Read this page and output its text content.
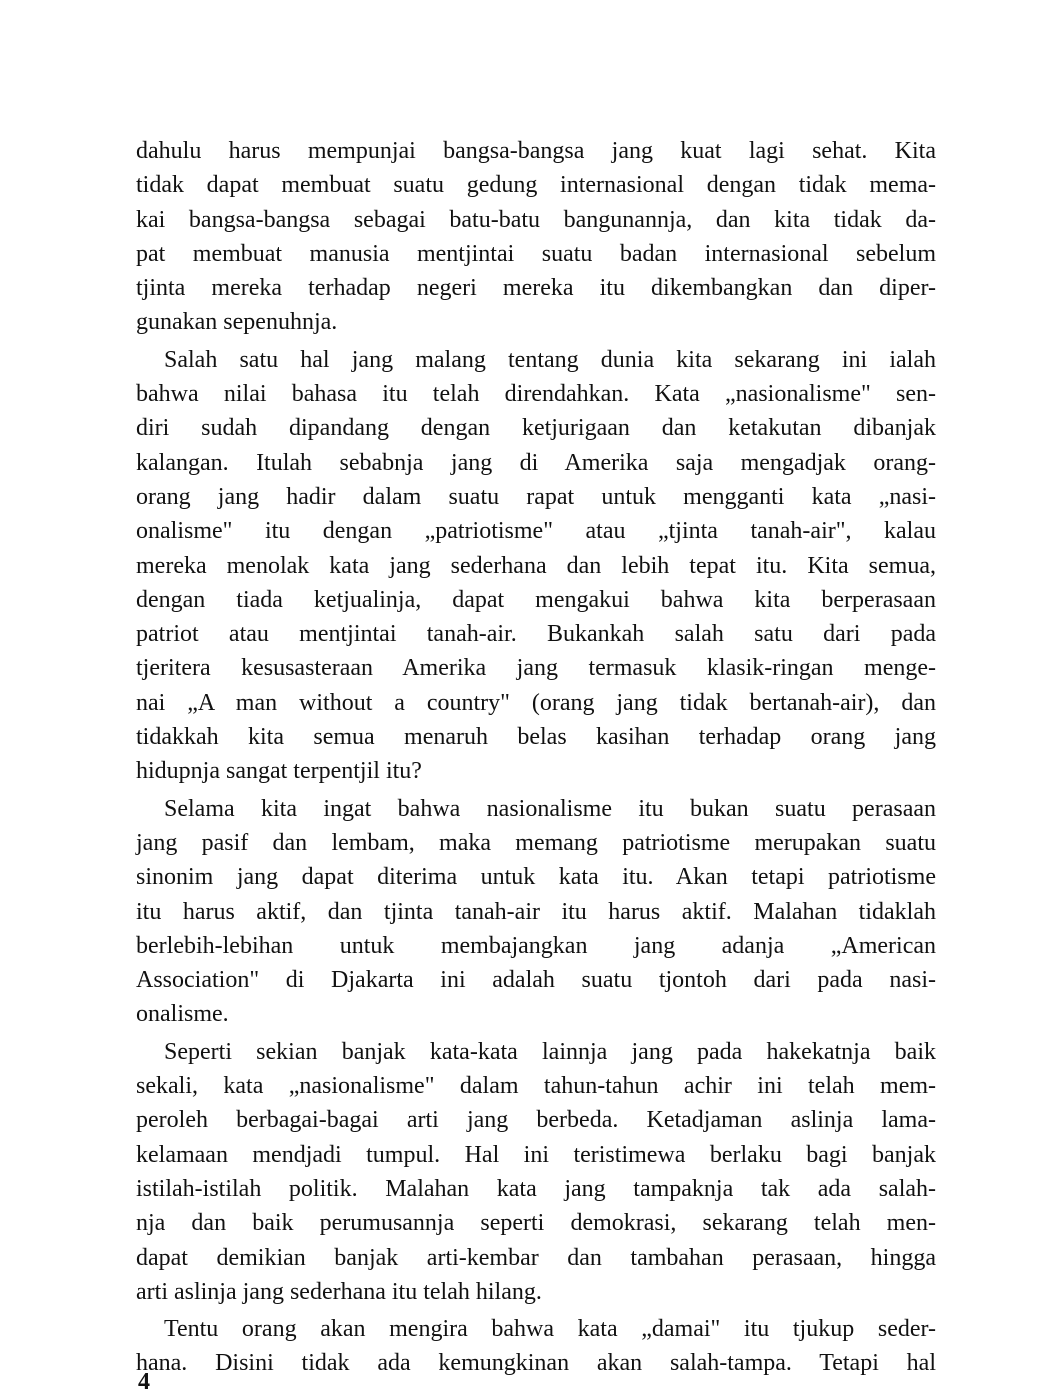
dahulu harus mempunjai bangsa-bangsa jang kuat lagi sehat. Kita
tidak dapat membuat suatu gedung internasional dengan tidak mema-
kai bangsa-bangsa sebagai batu-batu bangunannja, dan kita tidak da-
pat membuat manusia mentjintai suatu badan internasional sebelum
tjinta mereka terhadap negeri mereka itu dikembangkan dan diper-
gunakan sepenuhnja.
Salah satu hal jang malang tentang dunia kita sekarang ini ialah
bahwa nilai bahasa itu telah direndahkan. Kata „nasionalisme" sen-
diri sudah dipandang dengan ketjurigaan dan ketakutan dibanjak
kalangan. Itulah sebabnja jang di Amerika saja mengadjak orang-
orang jang hadir dalam suatu rapat untuk mengganti kata „nasi-
onalisme" itu dengan „patriotisme" atau „tjinta tanah-air", kalau
mereka menolak kata jang sederhana dan lebih tepat itu. Kita semua,
dengan tiada ketjualinja, dapat mengakui bahwa kita berperasaan
patriot atau mentjintai tanah-air. Bukankah salah satu dari pada
tjeritera kesusasteraan Amerika jang termasuk klasik-ringan menge-
nai „A man without a country" (orang jang tidak bertanah-air), dan
tidakkah kita semua menaruh belas kasihan terhadap orang jang
hidupnja sangat terpentjil itu?
Selama kita ingat bahwa nasionalisme itu bukan suatu perasaan
jang pasif dan lembam, maka memang patriotisme merupakan suatu
sinonim jang dapat diterima untuk kata itu. Akan tetapi patriotisme
itu harus aktif, dan tjinta tanah-air itu harus aktif. Malahan tidaklah
berlebih-lebihan untuk membajangkan jang adanja „American
Association" di Djakarta ini adalah suatu tjontoh dari pada nasi-
onalisme.
Seperti sekian banjak kata-kata lainnja jang pada hakekatnja baik
sekali, kata „nasionalisme" dalam tahun-tahun achir ini telah mem-
peroleh berbagai-bagai arti jang berbeda. Ketadjaman aslinja lama-
kelamaan mendjadi tumpul. Hal ini teristimewa berlaku bagi banjak
istilah-istilah politik. Malahan kata jang tampaknja tak ada salah-
nja dan baik perumusannja seperti demokrasi, sekarang telah men-
dapat demikian banjak arti-kembar dan tambahan perasaan, hingga
arti aslinja jang sederhana itu telah hilang.
Tentu orang akan mengira bahwa kata „damai" itu tjukup seder-
hana. Disini tidak ada kemungkinan akan salah-tampa. Tetapi hal
4
